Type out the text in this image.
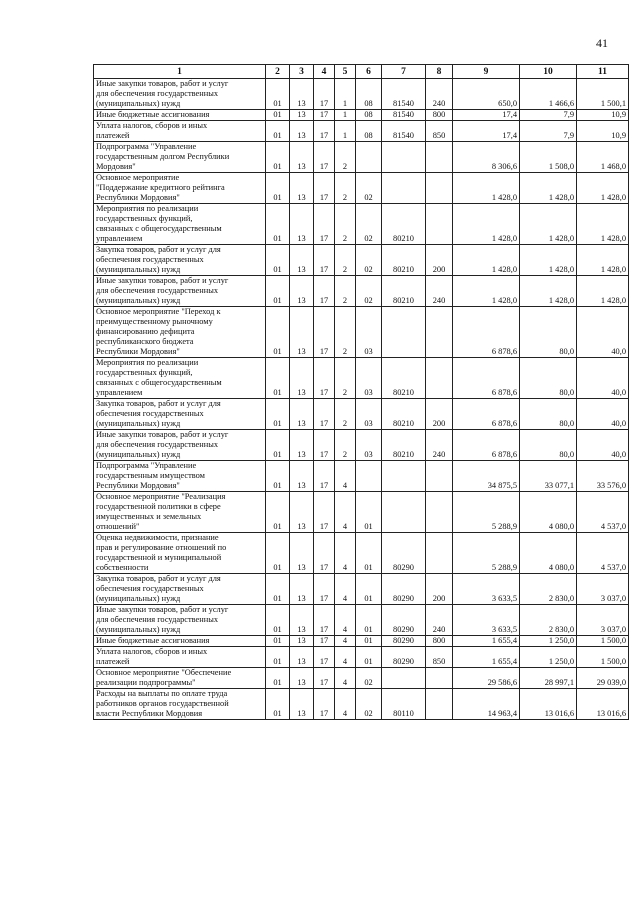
41
1	2	3	4	5	6	7	8	9	10	11
Иные закупки товаров, работ и услуг
для обеспечения государственных
(муниципальных) нужд	01	13	17	1	08	81540	240	650,0	1 466,6	1 500,1
Иные бюджетные ассигнования	01	13	17	1	08	81540	800	17,4	7,9	10,9
Уплата налогов, сборов и иных
платежей	01	13	17	1	08	81540	850	17,4	7,9	10,9
Подпрограмма "Управление
государственным долгом Республики
Мордовия"	01	13	17	2				8 306,6	1 508,0	1 468,0
Основное мероприятие
"Поддержание кредитного рейтинга
Республики Мордовия"	01	13	17	2	02			1 428,0	1 428,0	1 428,0
Мероприятия по реализации
государственных функций,
связанных с общегосударственным
управлением	01	13	17	2	02	80210		1 428,0	1 428,0	1 428,0
Закупка товаров, работ и услуг для
обеспечения государственных
(муниципальных) нужд	01	13	17	2	02	80210	200	1 428,0	1 428,0	1 428,0
Иные закупки товаров, работ и услуг
для обеспечения государственных
(муниципальных) нужд	01	13	17	2	02	80210	240	1 428,0	1 428,0	1 428,0
Основное мероприятие "Переход к
преимущественному рыночному
финансированию дефицита
республиканского бюджета
Республики Мордовия"	01	13	17	2	03			6 878,6	80,0	40,0
Мероприятия по реализации
государственных функций,
связанных с общегосударственным
управлением	01	13	17	2	03	80210		6 878,6	80,0	40,0
Закупка товаров, работ и услуг для
обеспечения государственных
(муниципальных) нужд	01	13	17	2	03	80210	200	6 878,6	80,0	40,0
Иные закупки товаров, работ и услуг
для обеспечения государственных
(муниципальных) нужд	01	13	17	2	03	80210	240	6 878,6	80,0	40,0
Подпрограмма "Управление
государственным имуществом
Республики Мордовия"	01	13	17	4				34 875,5	33 077,1	33 576,0
Основное мероприятие "Реализация
государственной политики в сфере
имущественных и земельных
отношений"	01	13	17	4	01			5 288,9	4 080,0	4 537,0
Оценка недвижимости, признание
прав и регулирование отношений по
государственной и муниципальной
собственности	01	13	17	4	01	80290		5 288,9	4 080,0	4 537,0
Закупка товаров, работ и услуг для
обеспечения государственных
(муниципальных) нужд	01	13	17	4	01	80290	200	3 633,5	2 830,0	3 037,0
Иные закупки товаров, работ и услуг
для обеспечения государственных
(муниципальных) нужд	01	13	17	4	01	80290	240	3 633,5	2 830,0	3 037,0
Иные бюджетные ассигнования	01	13	17	4	01	80290	800	1 655,4	1 250,0	1 500,0
Уплата налогов, сборов и иных
платежей	01	13	17	4	01	80290	850	1 655,4	1 250,0	1 500,0
Основное мероприятие "Обеспечение
реализации подпрограммы"	01	13	17	4	02			29 586,6	28 997,1	29 039,0
Расходы на выплаты по оплате труда
работников органов государственной
власти Республики Мордовия	01	13	17	4	02	80110		14 963,4	13 016,6	13 016,6
